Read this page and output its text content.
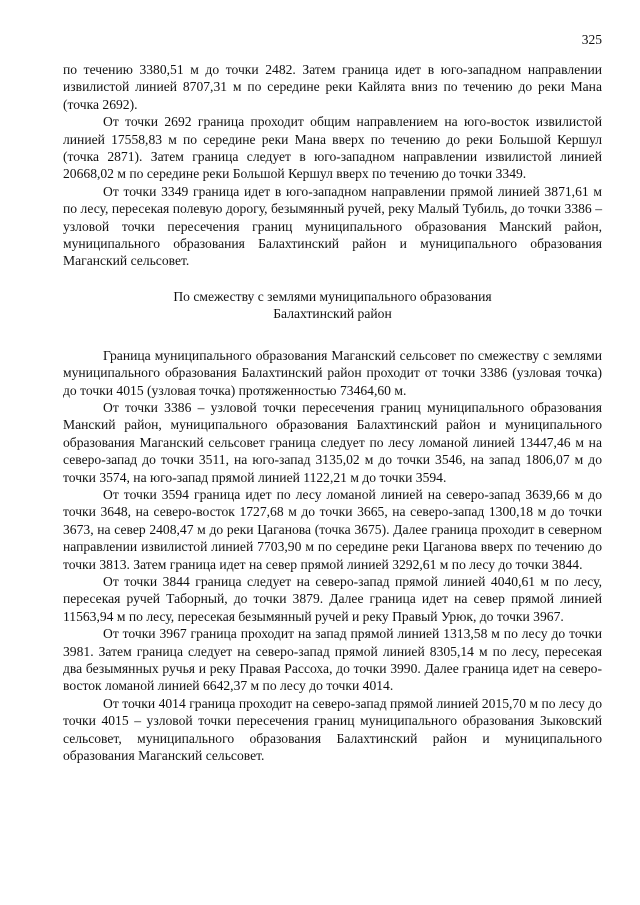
325

по течению 3380,51 м до точки 2482. Затем граница идет в юго-западном направлении извилистой линией 8707,31 м по середине реки Кайлята вниз по течению до реки Мана (точка 2692).

От точки 2692 граница проходит общим направлением на юго-восток извилистой линией 17558,83 м по середине реки Мана вверх по течению до реки Большой Кершул (точка 2871). Затем граница следует в юго-западном направлении извилистой линией 20668,02 м по середине реки Большой Кершул вверх по течению до точки 3349.

От точки 3349 граница идет в юго-западном направлении прямой линией 3871,61 м по лесу, пересекая полевую дорогу, безымянный ручей, реку Малый Тубиль, до точки 3386 – узловой точки пересечения границ муниципального образования Манский район, муниципального образования Балахтинский район и муниципального образования Маганский сельсовет.

По смежеству с землями муниципального образования
Балахтинский район

Граница муниципального образования Маганский сельсовет по смежеству с землями муниципального образования Балахтинский район проходит от точки 3386 (узловая точка) до точки 4015 (узловая точка) протяженностью 73464,60 м.

От точки 3386 – узловой точки пересечения границ муниципального образования Манский район, муниципального образования Балахтинский район и муниципального образования Маганский сельсовет граница следует по лесу ломаной линией 13447,46 м на северо-запад до точки 3511, на юго-запад 3135,02 м до точки 3546, на запад 1806,07 м до точки 3574, на юго-запад прямой линией 1122,21 м до точки 3594.

От точки 3594 граница идет по лесу ломаной линией на северо-запад 3639,66 м до точки 3648, на северо-восток 1727,68 м до точки 3665, на северо-запад 1300,18 м до точки 3673, на север 2408,47 м до реки Цаганова (точка 3675). Далее граница проходит в северном направлении извилистой линией 7703,90 м по середине реки Цаганова вверх по течению до точки 3813. Затем граница идет на север прямой линией 3292,61 м по лесу до точки 3844.

От точки 3844 граница следует на северо-запад прямой линией 4040,61 м по лесу, пересекая ручей Таборный, до точки 3879. Далее граница идет на север прямой линией 11563,94 м по лесу, пересекая безымянный ручей и реку Правый Урюк, до точки 3967.

От точки 3967 граница проходит на запад прямой линией 1313,58 м по лесу до точки 3981. Затем граница следует на северо-запад прямой линией 8305,14 м по лесу, пересекая два безымянных ручья и реку Правая Рассоха, до точки 3990. Далее граница идет на северо-восток ломаной линией 6642,37 м по лесу до точки 4014.

От точки 4014 граница проходит на северо-запад прямой линией 2015,70 м по лесу до точки 4015 – узловой точки пересечения границ муниципального образования Зыковский сельсовет, муниципального образования Балахтинский район и муниципального образования Маганский сельсовет.
